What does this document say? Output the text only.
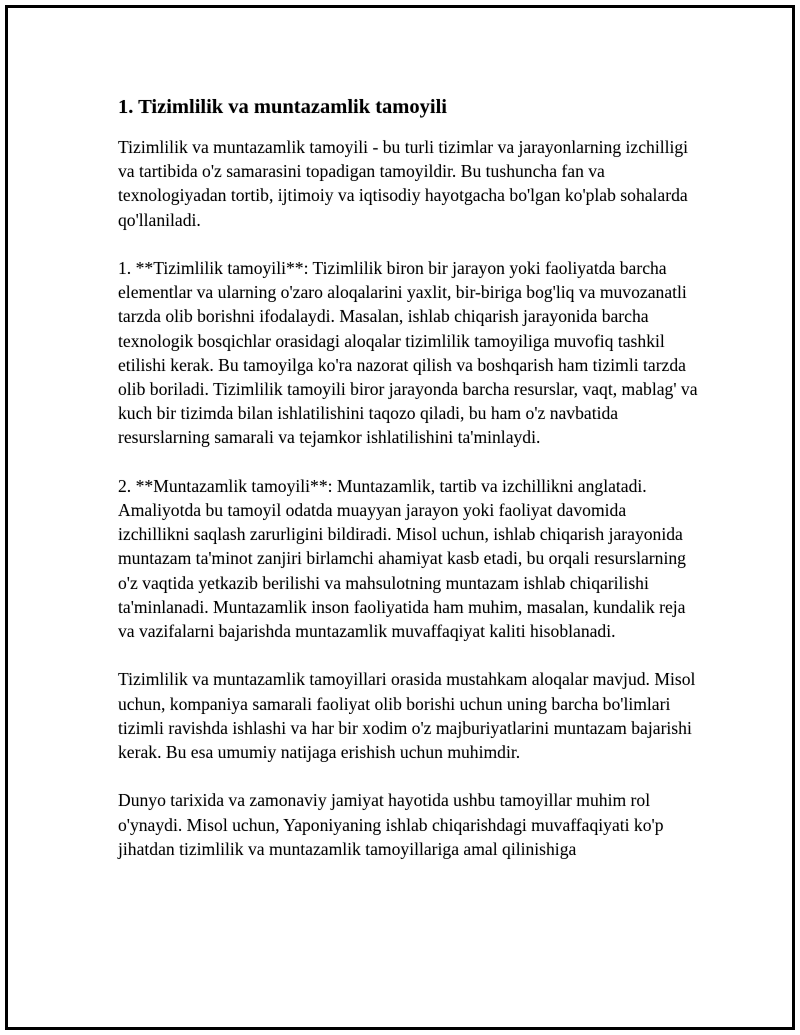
1. Tizimlilik va muntazamlik tamoyili

Tizimlilik va muntazamlik tamoyili - bu turli tizimlar va jarayonlarning izchilligi va tartibida o'z samarasini topadigan tamoyildir. Bu tushuncha fan va texnologiyadan tortib, ijtimoiy va iqtisodiy hayotgacha bo'lgan ko'plab sohalarda qo'llaniladi.

1. **Tizimlilik tamoyili**: Tizimlilik biron bir jarayon yoki faoliyatda barcha elementlar va ularning o'zaro aloqalarini yaxlit, bir-biriga bog'liq va muvozanatli tarzda olib borishni ifodalaydi. Masalan, ishlab chiqarish jarayonida barcha texnologik bosqichlar orasidagi aloqalar tizimlilik tamoyiliga muvofiq tashkil etilishi kerak. Bu tamoyilga ko'ra nazorat qilish va boshqarish ham tizimli tarzda olib boriladi. Tizimlilik tamoyili biror jarayonda barcha resurslar, vaqt, mablag' va kuch bir tizimda bilan ishlatilishini taqozo qiladi, bu ham o'z navbatida resurslarning samarali va tejamkor ishlatilishini ta'minlaydi.

2. **Muntazamlik tamoyili**: Muntazamlik, tartib va izchillikni anglatadi. Amaliyotda bu tamoyil odatda muayyan jarayon yoki faoliyat davomida izchillikni saqlash zarurligini bildiradi. Misol uchun, ishlab chiqarish jarayonida muntazam ta'minot zanjiri birlamchi ahamiyat kasb etadi, bu orqali resurslarning o'z vaqtida yetkazib berilishi va mahsulotning muntazam ishlab chiqarilishi ta'minlanadi. Muntazamlik inson faoliyatida ham muhim, masalan, kundalik reja va vazifalarni bajarishda muntazamlik muvaffaqiyat kaliti hisoblanadi.

Tizimlilik va muntazamlik tamoyillari orasida mustahkam aloqalar mavjud. Misol uchun, kompaniya samarali faoliyat olib borishi uchun uning barcha bo'limlari tizimli ravishda ishlashi va har bir xodim o'z majburiyatlarini muntazam bajarishi kerak. Bu esa umumiy natijaga erishish uchun muhimdir.

Dunyo tarixida va zamonaviy jamiyat hayotida ushbu tamoyillar muhim rol o'ynaydi. Misol uchun, Yaponiyaning ishlab chiqarishdagi muvaffaqiyati ko'p jihatdan tizimlilik va muntazamlik tamoyillariga amal qilinishiga
